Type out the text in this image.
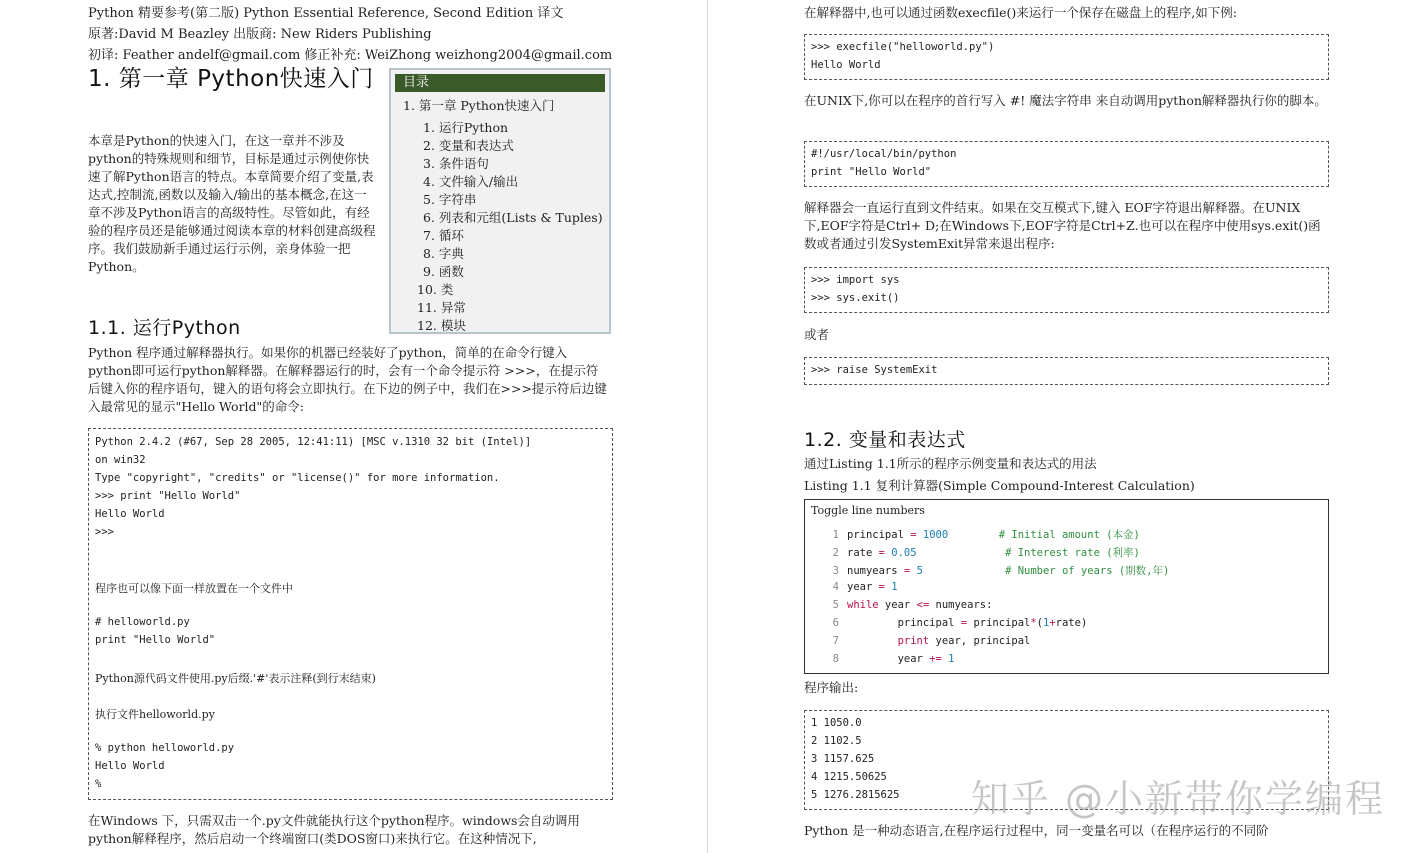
Python 精要参考(第二版) Python Essential Reference, Second Edition 译文
原著:David M Beazley 出版商: New Riders Publishing
初译: Feather andelf@gmail.com 修正补充: WeiZhong weizhong2004@gmail.com
1. 第一章 Python快速入门
本章是Python的快速入门，在这一章并不涉及python的特殊规则和细节，目标是通过示例使你快速了解Python语言的特点。本章简要介绍了变量,表达式,控制流,函数以及输入/输出的基本概念,在这一章不涉及Python语言的高级特性。尽管如此，有经验的程序员还是能够通过阅读本章的材料创建高级程序。我们鼓励新手通过运行示例，亲身体验一把Python。
目录
1. 第一章 Python快速入门
1. 运行Python
2. 变量和表达式
3. 条件语句
4. 文件输入/输出
5. 字符串
6. 列表和元组(Lists & Tuples)
7. 循环
8. 字典
9. 函数
10. 类
11. 异常
12. 模块
1.1. 运行Python
Python 程序通过解释器执行。如果你的机器已经装好了python，简单的在命令行键入python即可运行python解释器。在解释器运行的时，会有一个命令提示符 >>>，在提示符后键入你的程序语句，键入的语句将会立即执行。在下边的例子中，我们在>>>提示符后边键入最常见的显示"Hello World"的命令:
Python 2.4.2 (#67, Sep 28 2005, 12:41:11) [MSC v.1310 32 bit (Intel)]
on win32
Type "copyright", "credits" or "license()" for more information.
>>> print "Hello World"
Hello World
>>>
程序也可以像下面一样放置在一个文件中
# helloworld.py
print "Hello World"
Python源代码文件使用.py后缀.'#'表示注释(到行末结束)
执行文件helloworld.py
% python helloworld.py
Hello World
%
在Windows 下，只需双击一个.py文件就能执行这个python程序。windows会自动调用python解释程序，然后启动一个终端窗口(类DOS窗口)来执行它。在这种情况下,
在解释器中,也可以通过函数execfile()来运行一个保存在磁盘上的程序,如下例:
>>> execfile("helloworld.py")
Hello World
在UNIX下,你可以在程序的首行写入 #! 魔法字符串 来自动调用python解释器执行你的脚本。
#!/usr/local/bin/python
print "Hello World"
解释器会一直运行直到文件结束。如果在交互模式下,键入 EOF字符退出解释器。在UNIX下,EOF字符是Ctrl+ D;在Windows下,EOF字符是Ctrl+Z.也可以在程序中使用sys.exit()函数或者通过引发SystemExit异常来退出程序:
>>> import sys
>>> sys.exit()
或者
>>> raise SystemExit
1.2. 变量和表达式
通过Listing 1.1所示的程序示例变量和表达式的用法
Listing 1.1 复利计算器(Simple Compound-Interest Calculation)
Toggle line numbers
1 principal = 1000	# Initial amount (本金)
2 rate = 0.05	# Interest rate (利率)
3 numyears = 5	# Number of years (期数,年)
4 year = 1
5 while year <= numyears:
6        principal = principal*(1+rate)
7	print year, principal
8        year += 1
程序输出:
1 1050.0
2 1102.5
3 1157.625
4 1215.50625
5 1276.2815625
Python 是一种动态语言,在程序运行过程中，同一变量名可以（在程序运行的不同阶
知乎 @小新带你学编程
